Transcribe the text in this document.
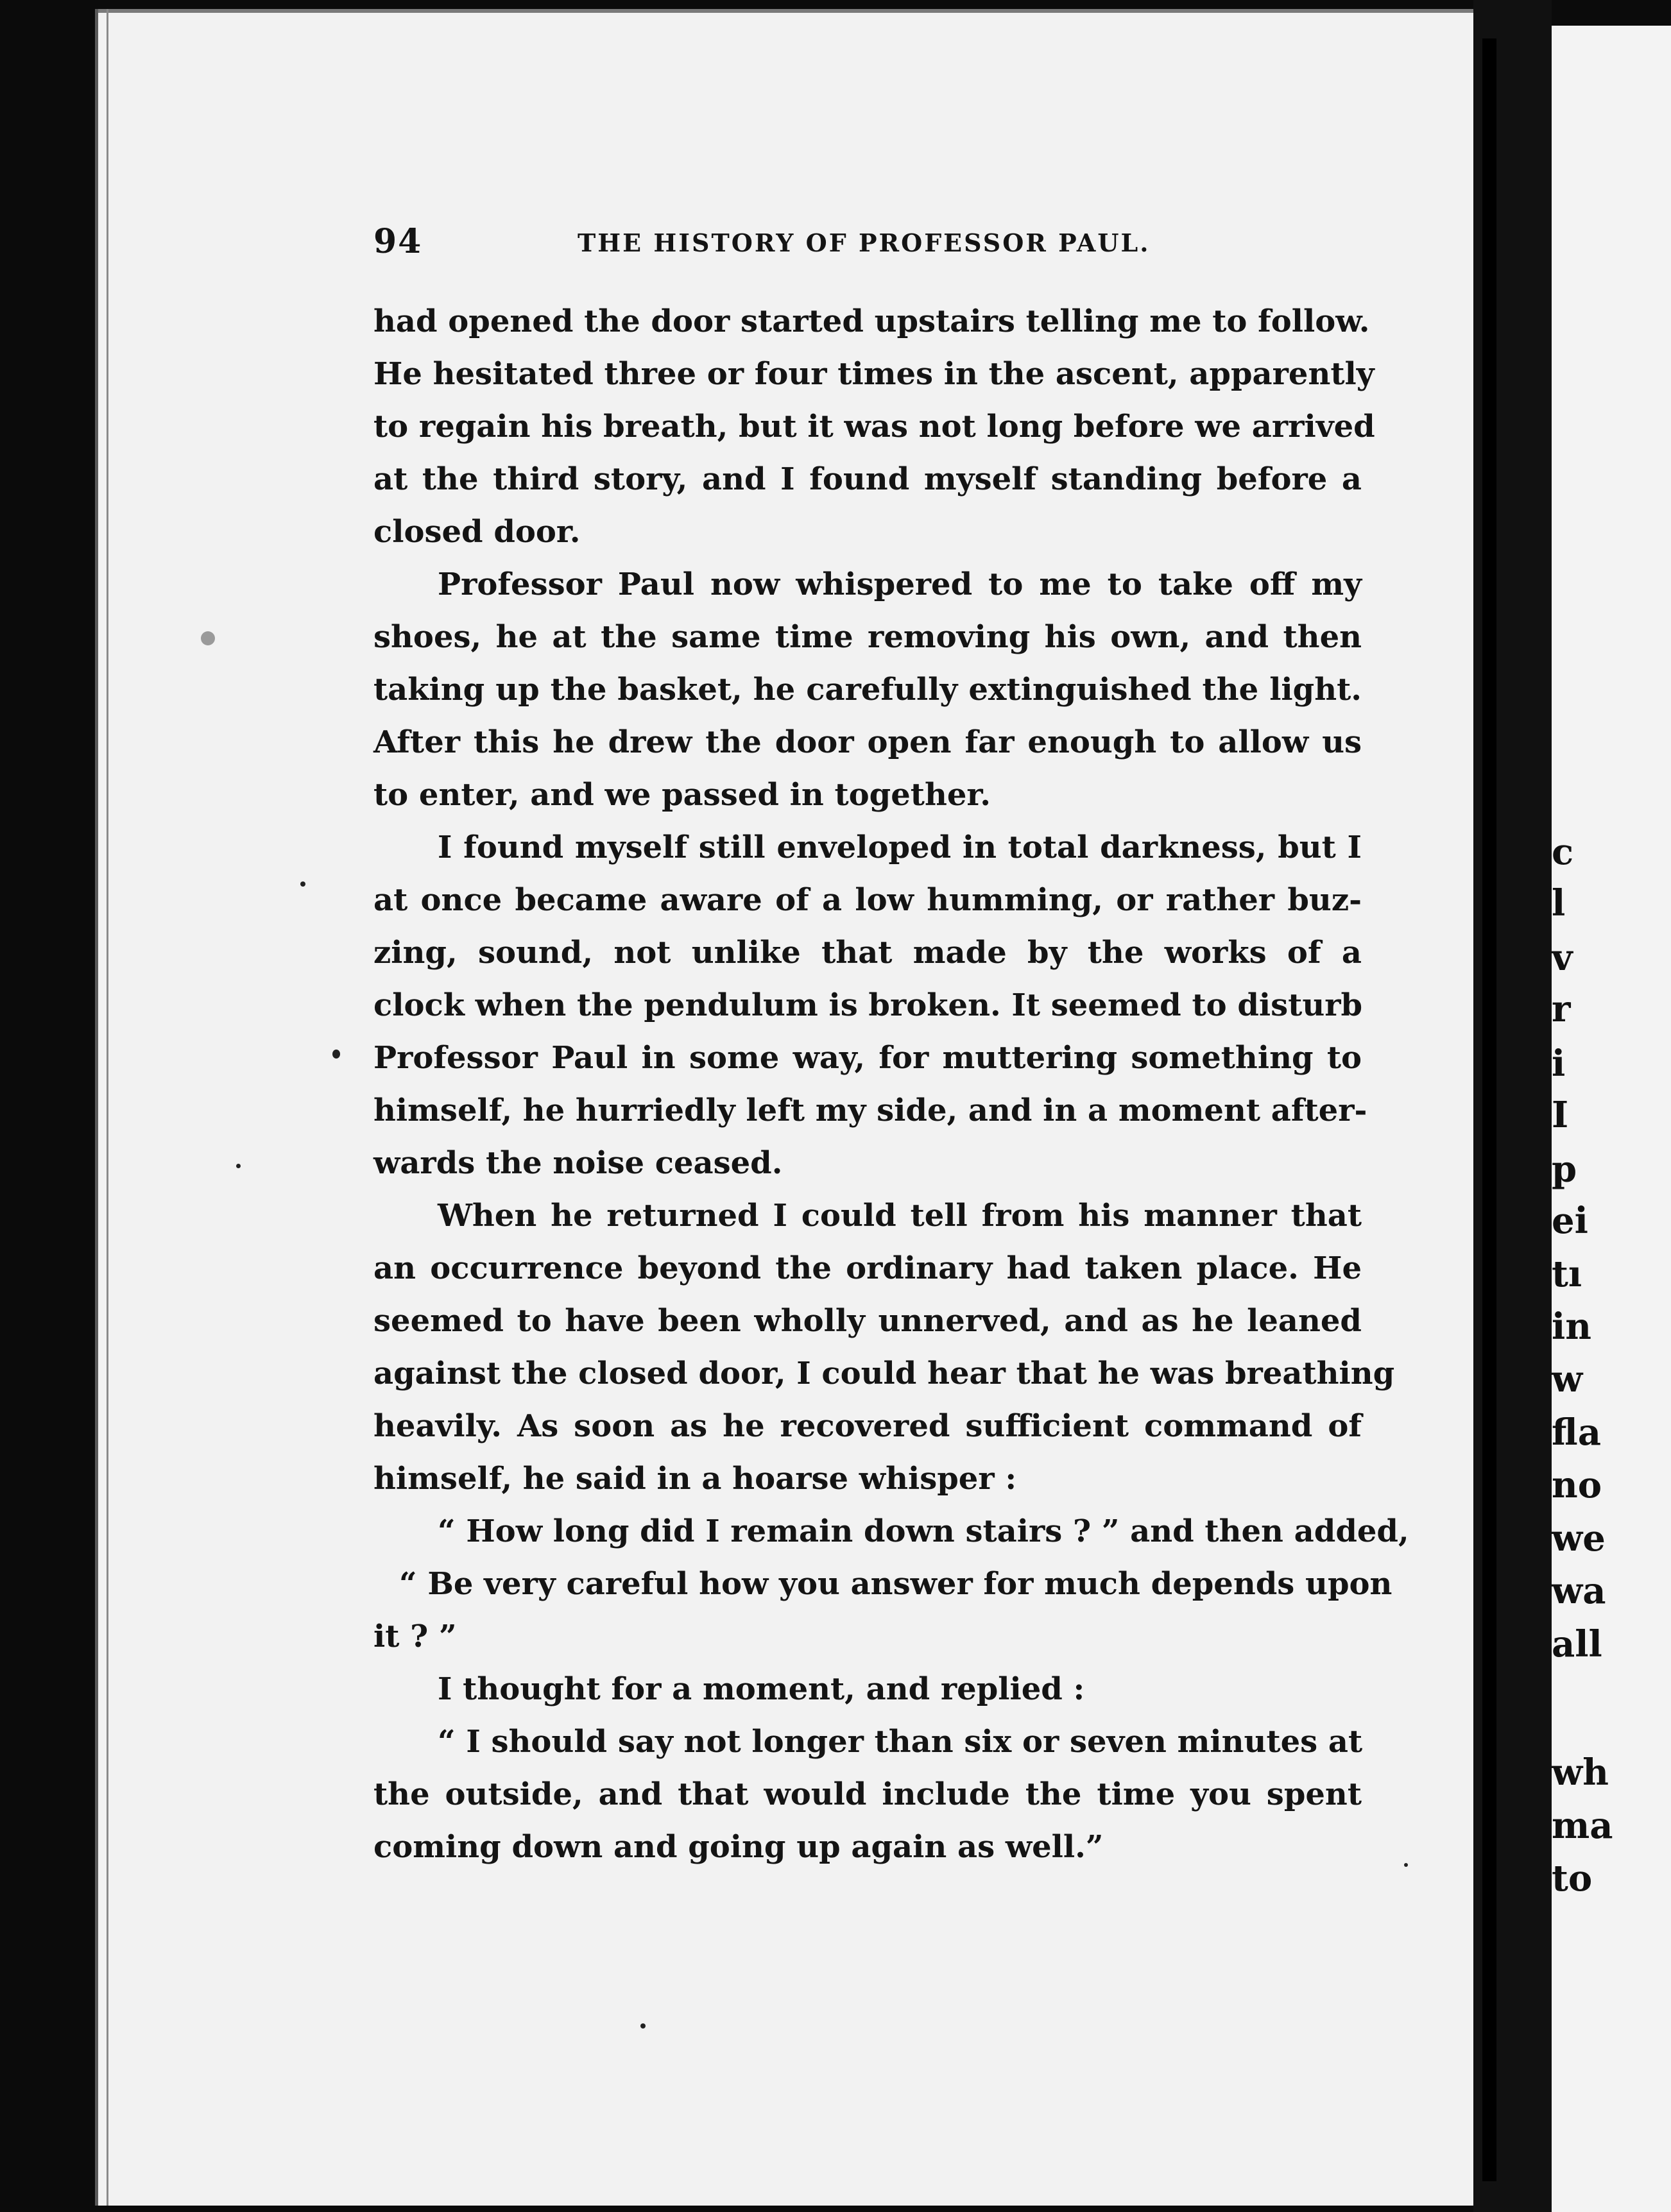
94	THE HISTORY OF PROFESSOR PAUL.
had opened the door started upstairs telling me to follow.
He hesitated three or four times in the ascent, apparently
to regain his breath, but it was not long before we arrived
at the third story, and I found myself standing before a
closed door.
Professor Paul now whispered to me to take off my
shoes, he at the same time removing his own, and then
taking up the basket, he carefully extinguished the light.
After this he drew the door open far enough to allow us
to enter, and we passed in together.
I found myself still enveloped in total darkness, but I
at once became aware of a low humming, or rather buz-
zing, sound, not unlike that made by the works of a
clock when the pendulum is broken. It seemed to disturb
Professor Paul in some way, for muttering something to
himself, he hurriedly left my side, and in a moment after-
wards the noise ceased.
When he returned I could tell from his manner that
an occurrence beyond the ordinary had taken place. He
seemed to have been wholly unnerved, and as he leaned
against the closed door, I could hear that he was breathing
heavily. As soon as he recovered sufficient command of
himself, he said in a hoarse whisper :
“ How long did I remain down stairs ? ” and then added,
“ Be very careful how you answer for much depends upon
it ? ”
I thought for a moment, and replied :
“ I should say not longer than six or seven minutes at
the outside, and that would include the time you spent
coming down and going up again as well.”
c
l
v
r
i
I
p
ei
tı
in
w
fla
no
we
wa
all
wh
ma
to
